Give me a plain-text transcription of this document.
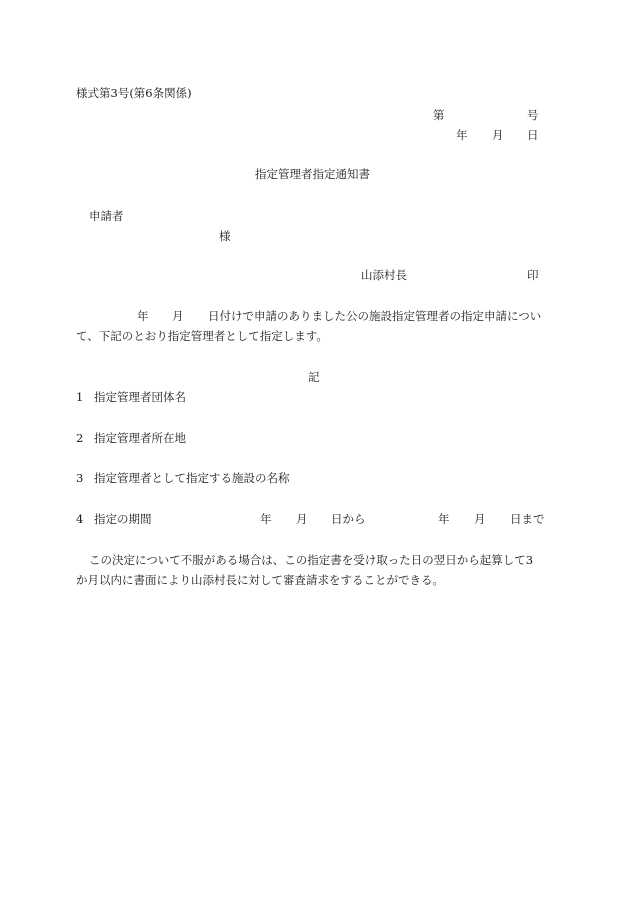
様式第3号(第6条関係)
第	号
年 月 日
指定管理者指定通知書
申請者
様
山添村長	印
年 月 日付けで申請のありました公の施設指定管理者の指定申請につい
て、下記のとおり指定管理者として指定します。
記
1 指定管理者団体名
2 指定管理者所在地
3 指定管理者として指定する施設の名称
4 指定の期間	年 月 日から	年 月 日まで
この決定について不服がある場合は、この指定書を受け取った日の翌日から起算して3
か月以内に書面により山添村長に対して審査請求をすることができる。
